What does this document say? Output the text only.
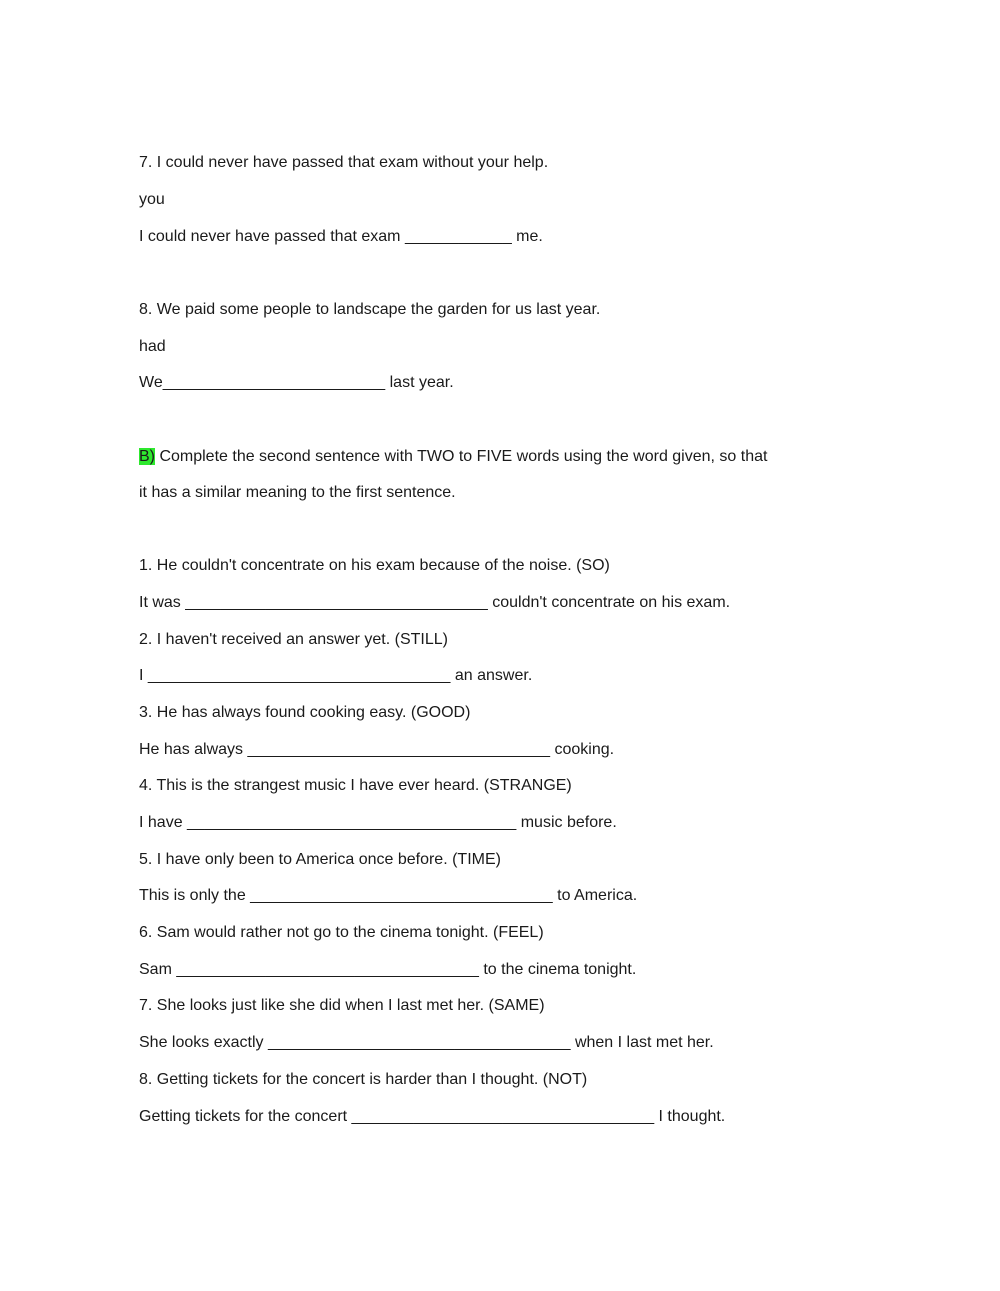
7. I could never have passed that exam without your help.
you
I could never have passed that exam ____________ me.
8. We paid some people to landscape the garden for us last year.
had
We_________________________ last year.
B) Complete the second sentence with TWO to FIVE words using the word given, so that
it has a similar meaning to the first sentence.
1. He couldn't concentrate on his exam because of the noise. (SO)
It was __________________________________ couldn't concentrate on his exam.
2. I haven't received an answer yet. (STILL)
I __________________________________ an answer.
3. He has always found cooking easy. (GOOD)
He has always __________________________________ cooking.
4. This is the strangest music I have ever heard. (STRANGE)
I have _____________________________________ music before.
5. I have only been to America once before. (TIME)
This is only the __________________________________ to America.
6. Sam would rather not go to the cinema tonight. (FEEL)
Sam __________________________________ to the cinema tonight.
7. She looks just like she did when I last met her. (SAME)
She looks exactly __________________________________ when I last met her.
8. Getting tickets for the concert is harder than I thought. (NOT)
Getting tickets for the concert __________________________________ I thought.
